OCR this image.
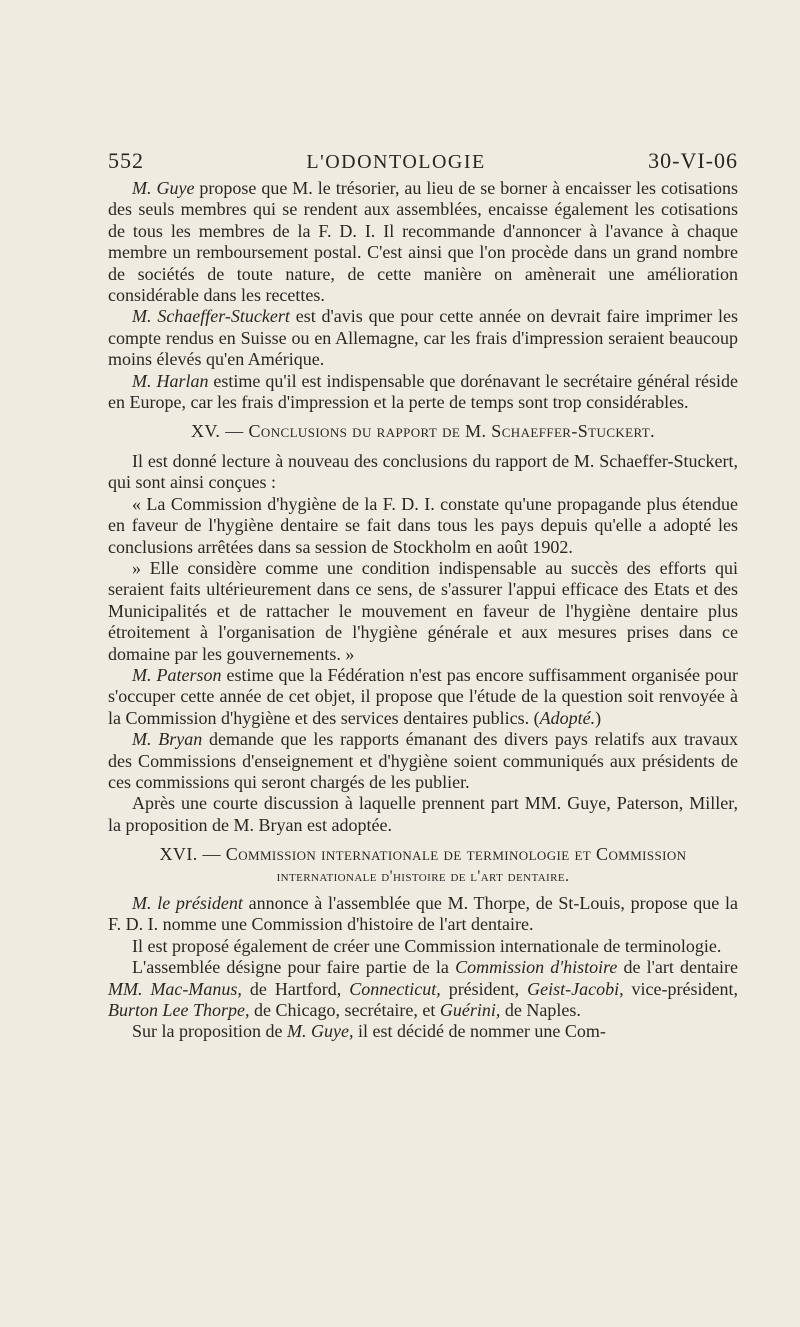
552	L'ODONTOLOGIE	30-VI-06

M. Guye propose que M. le trésorier, au lieu de se borner à encaisser les cotisations des seuls membres qui se rendent aux assemblées, encaisse également les cotisations de tous les membres de la F. D. I. Il recommande d'annoncer à l'avance à chaque membre un remboursement postal. C'est ainsi que l'on procède dans un grand nombre de sociétés de toute nature, de cette manière on amènerait une amélioration considérable dans les recettes.

M. Schaeffer-Stuckert est d'avis que pour cette année on devrait faire imprimer les compte rendus en Suisse ou en Allemagne, car les frais d'impression seraient beaucoup moins élevés qu'en Amérique.

M. Harlan estime qu'il est indispensable que dorénavant le secrétaire général réside en Europe, car les frais d'impression et la perte de temps sont trop considérables.

XV. — Conclusions du rapport de M. Schaeffer-Stuckert.

Il est donné lecture à nouveau des conclusions du rapport de M. Schaeffer-Stuckert, qui sont ainsi conçues :

« La Commission d'hygiène de la F. D. I. constate qu'une propagande plus étendue en faveur de l'hygiène dentaire se fait dans tous les pays depuis qu'elle a adopté les conclusions arrêtées dans sa session de Stockholm en août 1902.

» Elle considère comme une condition indispensable au succès des efforts qui seraient faits ultérieurement dans ce sens, de s'assurer l'appui efficace des Etats et des Municipalités et de rattacher le mouvement en faveur de l'hygiène dentaire plus étroitement à l'organisation de l'hygiène générale et aux mesures prises dans ce domaine par les gouvernements. »

M. Paterson estime que la Fédération n'est pas encore suffisamment organisée pour s'occuper cette année de cet objet, il propose que l'étude de la question soit renvoyée à la Commission d'hygiène et des services dentaires publics. (Adopté.)

M. Bryan demande que les rapports émanant des divers pays relatifs aux travaux des Commissions d'enseignement et d'hygiène soient communiqués aux présidents de ces commissions qui seront chargés de les publier.

Après une courte discussion à laquelle prennent part MM. Guye, Paterson, Miller, la proposition de M. Bryan est adoptée.

XVI. — Commission internationale de terminologie et Commission
internationale d'histoire de l'art dentaire.

M. le président annonce à l'assemblée que M. Thorpe, de St-Louis, propose que la F. D. I. nomme une Commission d'histoire de l'art dentaire.

Il est proposé également de créer une Commission internationale de terminologie.

L'assemblée désigne pour faire partie de la Commission d'histoire de l'art dentaire MM. Mac-Manus, de Hartford, Connecticut, président, Geist-Jacobi, vice-président, Burton Lee Thorpe, de Chicago, secrétaire, et Guérini, de Naples.

Sur la proposition de M. Guye, il est décidé de nommer une Com-
